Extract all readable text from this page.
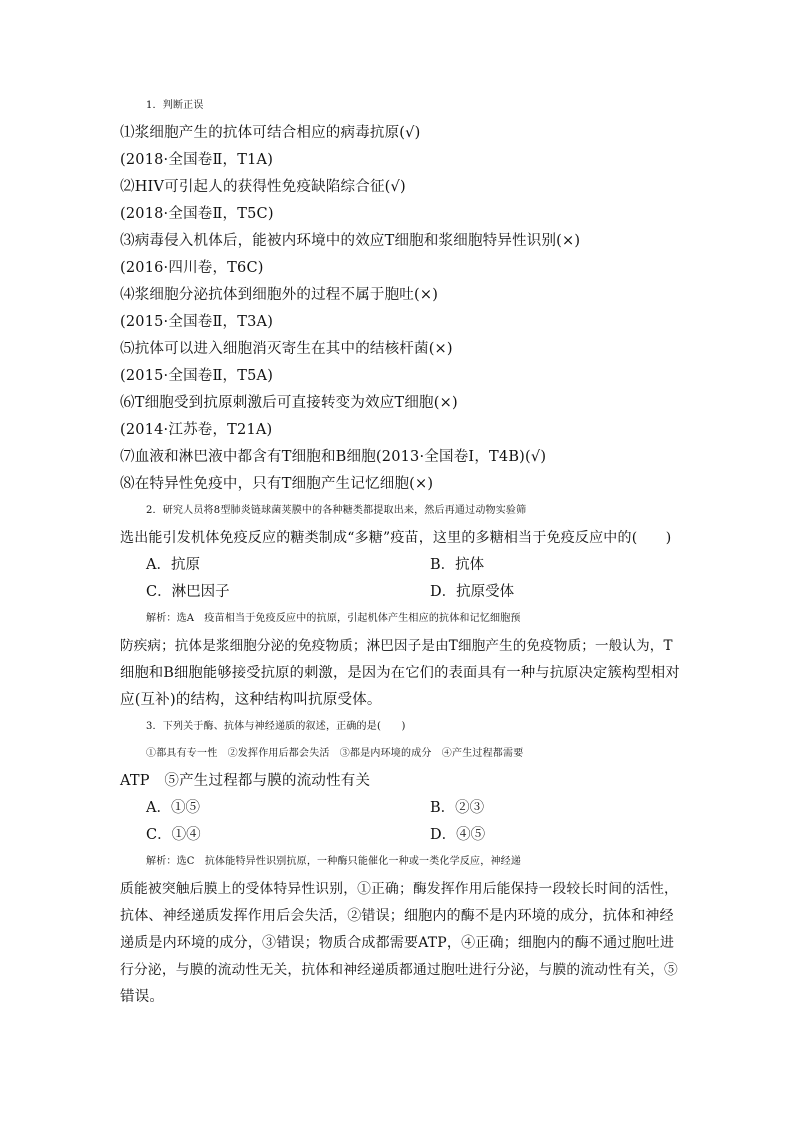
1．判断正误
⑴浆细胞产生的抗体可结合相应的病毒抗原(√)
(2018·全国卷Ⅱ，T1A)
⑵HIV可引起人的获得性免疫缺陷综合征(√)
(2018·全国卷Ⅱ，T5C)
⑶病毒侵入机体后，能被内环境中的效应T细胞和浆细胞特异性识别(×)
(2016·四川卷，T6C)
⑷浆细胞分泌抗体到细胞外的过程不属于胞吐(×)
(2015·全国卷Ⅱ，T3A)
⑸抗体可以进入细胞消灭寄生在其中的结核杆菌(×)
(2015·全国卷Ⅱ，T5A)
⑹T细胞受到抗原刺激后可直接转变为效应T细胞(×)
(2014·江苏卷，T21A)
⑺血液和淋巴液中都含有T细胞和B细胞(2013·全国卷Ⅰ，T4B)(√)
⑻在特异性免疫中，只有T细胞产生记忆细胞(×)
2．研究人员将8型肺炎链球菌荚膜中的各种糖类都提取出来，然后再通过动物实验筛
选出能引发机体免疫反应的糖类制成“多糖”疫苗，这里的多糖相当于免疫反应中的(　　)
A．抗原	B．抗体
C．淋巴因子	D．抗原受体
解析：选A　疫苗相当于免疫反应中的抗原，引起机体产生相应的抗体和记忆细胞预
防疾病；抗体是浆细胞分泌的免疫物质；淋巴因子是由T细胞产生的免疫物质；一般认为，T
细胞和B细胞能够接受抗原的刺激，是因为在它们的表面具有一种与抗原决定簇构型相对
应(互补)的结构，这种结构叫抗原受体。
3．下列关于酶、抗体与神经递质的叙述，正确的是(　　)
①都具有专一性　②发挥作用后都会失活　③都是内环境的成分　④产生过程都需要
ATP　⑤产生过程都与膜的流动性有关
A．①⑤	B．②③
C．①④	D．④⑤
解析：选C　抗体能特异性识别抗原，一种酶只能催化一种或一类化学反应，神经递
质能被突触后膜上的受体特异性识别，①正确；酶发挥作用后能保持一段较长时间的活性，
抗体、神经递质发挥作用后会失活，②错误；细胞内的酶不是内环境的成分，抗体和神经
递质是内环境的成分，③错误；物质合成都需要ATP，④正确；细胞内的酶不通过胞吐进
行分泌，与膜的流动性无关，抗体和神经递质都通过胞吐进行分泌，与膜的流动性有关，⑤
错误。
